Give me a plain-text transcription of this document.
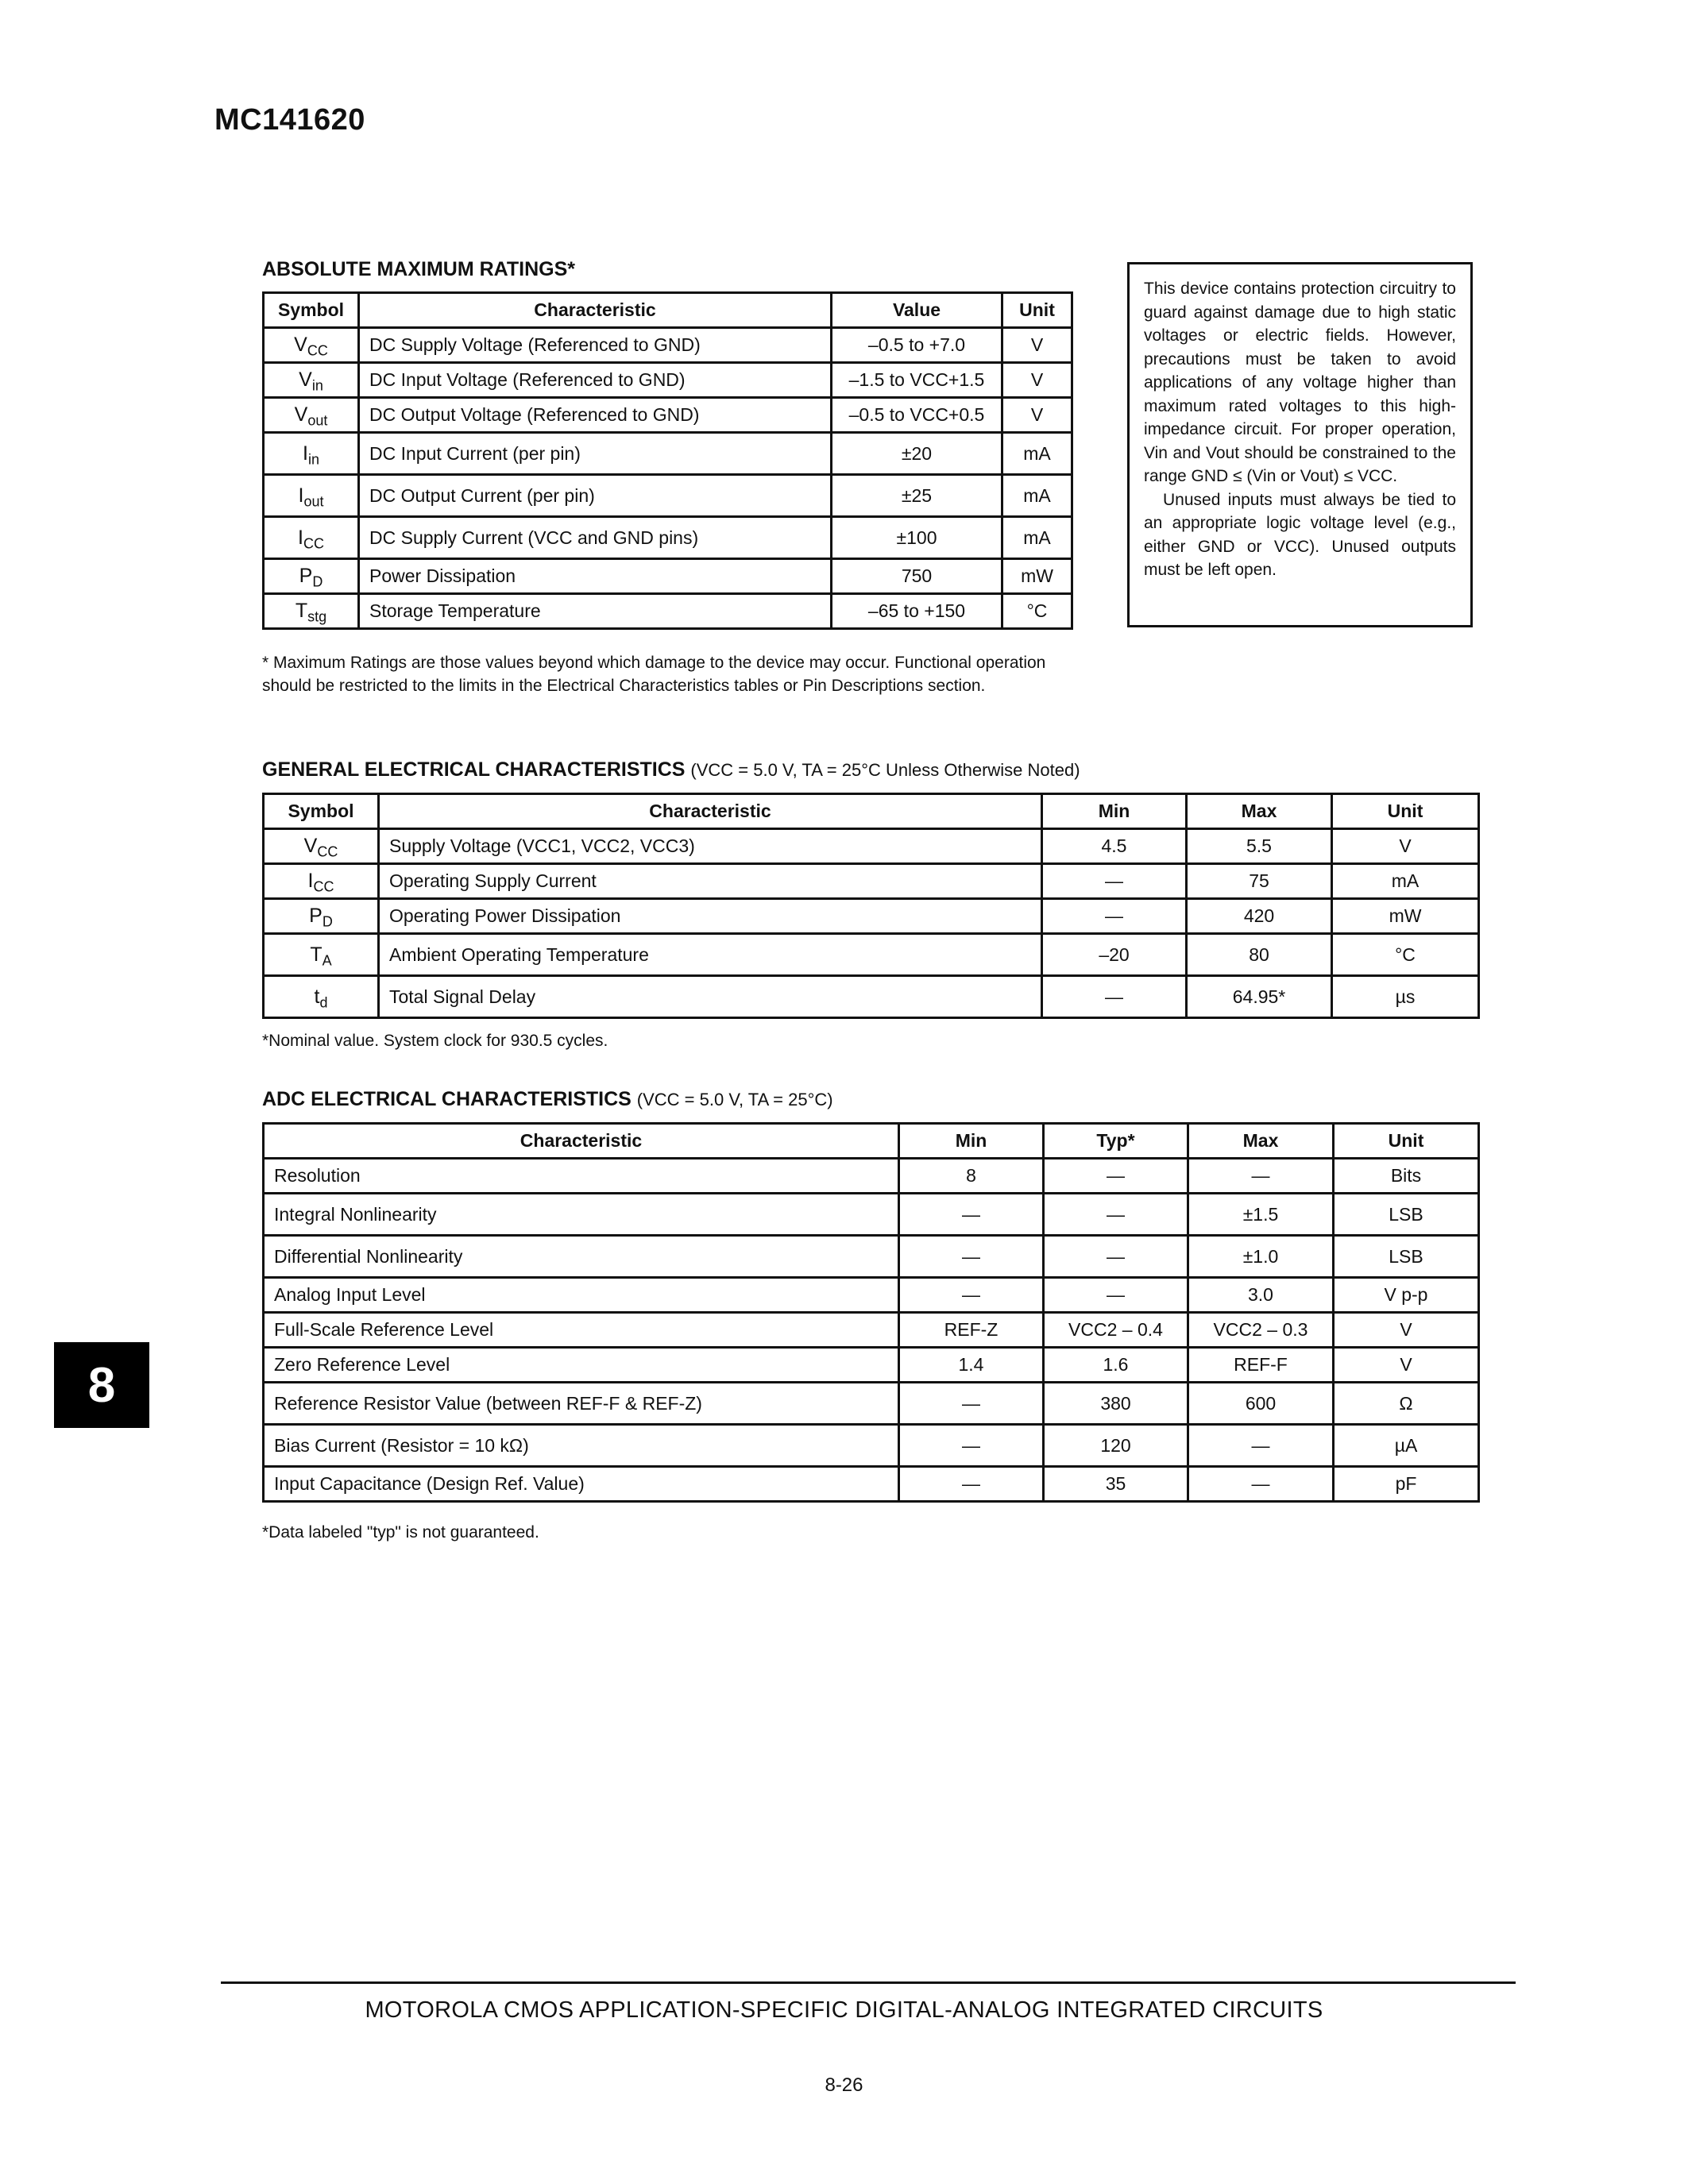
MC141620
ABSOLUTE MAXIMUM RATINGS*
Symbol	Characteristic	Value	Unit
$V_{CC}$	DC Supply Voltage (Referenced to GND)	–0.5 to +7.0	V
$V_{in}$	DC Input Voltage (Referenced to GND)	–1.5 to VCC+1.5	V
$V_{out}$	DC Output Voltage (Referenced to GND)	–0.5 to VCC+0.5	V
$I_{in}$	DC Input Current (per pin)	±20	mA
$I_{out}$	DC Output Current (per pin)	±25	mA
$I_{CC}$	DC Supply Current (VCC and GND pins)	±100	mA
$P_D$	Power Dissipation	750	mW
$T_{stg}$	Storage Temperature	–65 to +150	°C
* Maximum Ratings are those values beyond which damage to the device may occur. Functional operation should be restricted to the limits in the Electrical Characteristics tables or Pin Descriptions section.

This device contains protection circuitry to guard against damage due to high static voltages or electric fields. However, precautions must be taken to avoid applications of any voltage higher than maximum rated voltages to this high-impedance circuit. For proper operation, Vin and Vout should be constrained to the range GND ≤ (Vin or Vout) ≤ VCC.

Unused inputs must always be tied to an appropriate logic voltage level (e.g., either GND or VCC). Unused outputs must be left open.

GENERAL ELECTRICAL CHARACTERISTICS (VCC = 5.0 V, TA = 25°C Unless Otherwise Noted)
Symbol	Characteristic	Min	Max	Unit
$V_{CC}$	Supply Voltage (VCC1, VCC2, VCC3)	4.5	5.5	V
$I_{CC}$	Operating Supply Current	—	75	mA
$P_D$	Operating Power Dissipation	—	420	mW
$T_A$	Ambient Operating Temperature	–20	80	°C
$t_d$	Total Signal Delay	—	64.95*	µs
*Nominal value. System clock for 930.5 cycles.
ADC ELECTRICAL CHARACTERISTICS (VCC = 5.0 V, TA = 25°C)
Characteristic	Min	Typ*	Max	Unit
Resolution	8	—	—	Bits
Integral Nonlinearity	—	—	±1.5	LSB
Differential Nonlinearity	—	—	±1.0	LSB
Analog Input Level	—	—	3.0	V p-p
Full-Scale Reference Level	REF-Z	VCC2 – 0.4	VCC2 – 0.3	V
Zero Reference Level	1.4	1.6	REF-F	V
Reference Resistor Value (between REF-F & REF-Z)	—	380	600	Ω
Bias Current (Resistor = 10 kΩ)	—	120	—	µA
Input Capacitance (Design Ref. Value)	—	35	—	pF
*Data labeled "typ" is not guaranteed.
8
MOTOROLA CMOS APPLICATION-SPECIFIC DIGITAL-ANALOG INTEGRATED CIRCUITS
8-26
